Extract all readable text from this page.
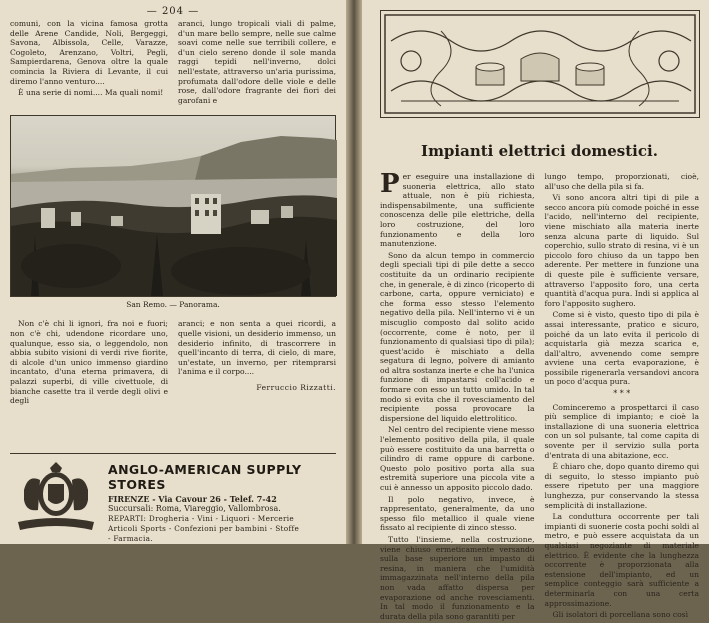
— 204 —

comuni, con la vicina famosa grotta delle Arene Candide, Noli, Bergeggi, Savona, Albissola, Celle, Varazze, Cogoleto, Arenzano, Voltri, Pegli, Sampierdarena, Genova oltre la quale comincia la Riviera di Levante, il cui diremo l'anno venturo....

È una serie di nomi.... Ma quali nomi!

aranci, lungo tropicali viali di palme, d'un mare bello sempre, nelle sue calme soavi come nelle sue terribili collere, e d'un cielo sereno donde il sole manda raggi tepidi nell'inverno, dolci nell'estate, attraverso un'aria purissima, profumata dall'odore delle viole e delle rose, dall'odore fragrante dei fiori dei garofani e

San Remo. — Panorama.

Non c'è chi li ignori, fra noi e fuori; non c'è chi, udendone ricordare uno, qualunque, esso sia, o leggendolo, non abbia subito visioni di verdi rive fiorite, di alcole d'un unico immenso giardino incantato, d'una eterna primavera, di palazzi superbi, di ville civettuole, di bianche casette tra il verde degli olivi e degli

aranci; e non senta a quei ricordi, a quelle visioni, un desiderio immenso, un desiderio infinito, di trascorrere in quell'incanto di terra, di cielo, di mare, un'estate, un inverno, per ritemprarsi l'anima e il corpo....

Ferruccio Rizzatti.
ANGLO-AMERICAN SUPPLY STORES

FIRENZE - Via Cavour 26 - Telef. 7-42

Succursali: Roma, Viareggio, Vallombrosa.

REPARTI: Drogheria - Vini - Liquori - Mercerie

Articoli Sports - Confezioni per bambini - Stoffe

- Farmacia.

Impianti elettrici domestici.

Per eseguire una installazione di suoneria elettrica, allo stato attuale, non è più richiesta, indispensabilmente, una sufficiente conoscenza delle pile elettriche, della loro costruzione, del loro funzionamento e della loro manutenzione.

Sono da alcun tempo in commercio degli speciali tipi di pile dette a secco costituite da un ordinario recipiente che, in generale, è di zinco (ricoperto di carbone, carta, oppure verniciato) e che forma esso stesso l'elemento negativo della pila. Nell'interno vi è un miscuglio composto dal solito acido (occorrente, come è noto, per il funzionamento di qualsiasi tipo di pila); quest'acido è mischiato a della segatura di legno, polvere di amianto od altra sostanza inerte e che ha l'unica funzione di impastarsi coll'acido e formare con esso un tutto umido. In tal modo si evita che il rovesciamento del recipiente possa provocare la dispersione del liquido elettrolitico.

Nel centro del recipiente viene messo l'elemento positivo della pila, il quale può essere costituito da una barretta o cilindro di rame oppure di carbone. Questo polo positivo porta alla sua estremità superiore una piccola vite a cui è annesso un apposito piccolo dado.

Il polo negativo, invece, è rappresentato, generalmente, da uno spesso filo metallico il quale viene fissato al recipiente di zinco stesso.

Tutto l'insieme, nella costruzione, viene chiuso ermeticamente versando sulla base superiore un impasto di resina, in maniera che l'umidità immagazzinata nell'interno della pila non vada affatto dispersa per evaporazione od anche rovesciamenti. In tal modo il funzionamento e la durata della pila sono garantiti per

lungo tempo, proporzionati, cioè, all'uso che della pila si fa.

Vi sono ancora altri tipi di pile a secco ancora più comode poiché in esse l'acido, nell'interno del recipiente, viene mischiato alla materia inerte senza alcuna parte di liquido. Sul coperchio, sullo strato di resina, vi è un piccolo foro chiuso da un tappo ben aderente. Per mettere in funzione una di queste pile è sufficiente versare, attraverso l'apposito foro, una certa quantità d'acqua pura. Indi si applica al foro l'apposito sughero.

Come si è visto, questo tipo di pila è assai interessante, pratico e sicuro, poiché da un lato evita il pericolo di acquistarla già mezza scarica e, dall'altro, avvenendo come sempre avviene una certa evaporazione, è possibile rigenerarla versandovi ancora un poco d'acqua pura.

* * *

Cominceremo a prospettarci il caso più semplice di impianto; e cioè la installazione di una suoneria elettrica con un sol pulsante, tal come capita di sovente per il servizio sulla porta d'entrata di una abitazione, ecc.

È chiaro che, dopo quanto diremo qui di seguito, lo stesso impianto può essere ripetuto per una maggiore lunghezza, pur conservando la stessa semplicità di installazione.

La conduttura occorrente per tali impianti di suonerie costa pochi soldi al metro, e può essere acquistata da un qualsiasi negoziante di materiale elettrico. È evidente che la lunghezza occorrente è proporzionata alla estensione dell'impianto, ed un semplice conteggio sarà sufficiente a determinarla con una certa approssimazione.

Gli isolatori di porcellana sono così
